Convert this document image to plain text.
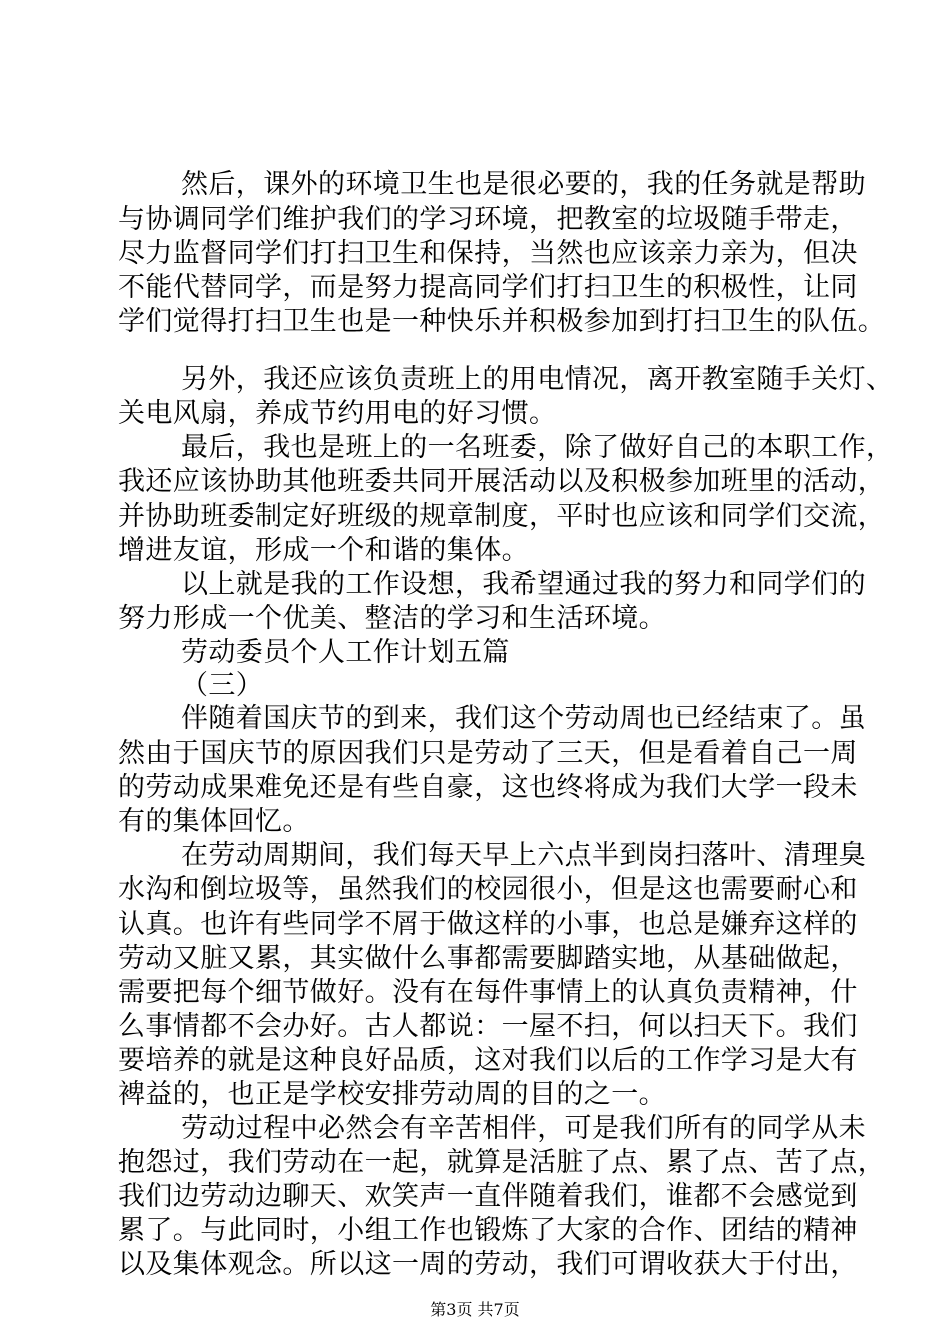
然后，课外的环境卫生也是很必要的，我的任务就是帮助
与协调同学们维护我们的学习环境，把教室的垃圾随手带走，
尽力监督同学们打扫卫生和保持，当然也应该亲力亲为，但决
不能代替同学，而是努力提高同学们打扫卫生的积极性，让同
学们觉得打扫卫生也是一种快乐并积极参加到打扫卫生的队伍。
另外，我还应该负责班上的用电情况，离开教室随手关灯、
关电风扇，养成节约用电的好习惯。
最后，我也是班上的一名班委，除了做好自己的本职工作，
我还应该协助其他班委共同开展活动以及积极参加班里的活动，
并协助班委制定好班级的规章制度，平时也应该和同学们交流，
增进友谊，形成一个和谐的集体。
以上就是我的工作设想，我希望通过我的努力和同学们的
努力形成一个优美、整洁的学习和生活环境。
劳动委员个人工作计划五篇
（三）
伴随着国庆节的到来，我们这个劳动周也已经结束了。虽
然由于国庆节的原因我们只是劳动了三天，但是看着自己一周
的劳动成果难免还是有些自豪，这也终将成为我们大学一段未
有的集体回忆。
在劳动周期间，我们每天早上六点半到岗扫落叶、清理臭
水沟和倒垃圾等，虽然我们的校园很小，但是这也需要耐心和
认真。也许有些同学不屑于做这样的小事，也总是嫌弃这样的
劳动又脏又累，其实做什么事都需要脚踏实地，从基础做起，
需要把每个细节做好。没有在每件事情上的认真负责精神，什
么事情都不会办好。古人都说：一屋不扫，何以扫天下。我们
要培养的就是这种良好品质，这对我们以后的工作学习是大有
裨益的，也正是学校安排劳动周的目的之一。
劳动过程中必然会有辛苦相伴，可是我们所有的同学从未
抱怨过，我们劳动在一起，就算是活脏了点、累了点、苦了点，
我们边劳动边聊天、欢笑声一直伴随着我们，谁都不会感觉到
累了。与此同时，小组工作也锻炼了大家的合作、团结的精神
以及集体观念。所以这一周的劳动，我们可谓收获大于付出，
第3页 共7页
